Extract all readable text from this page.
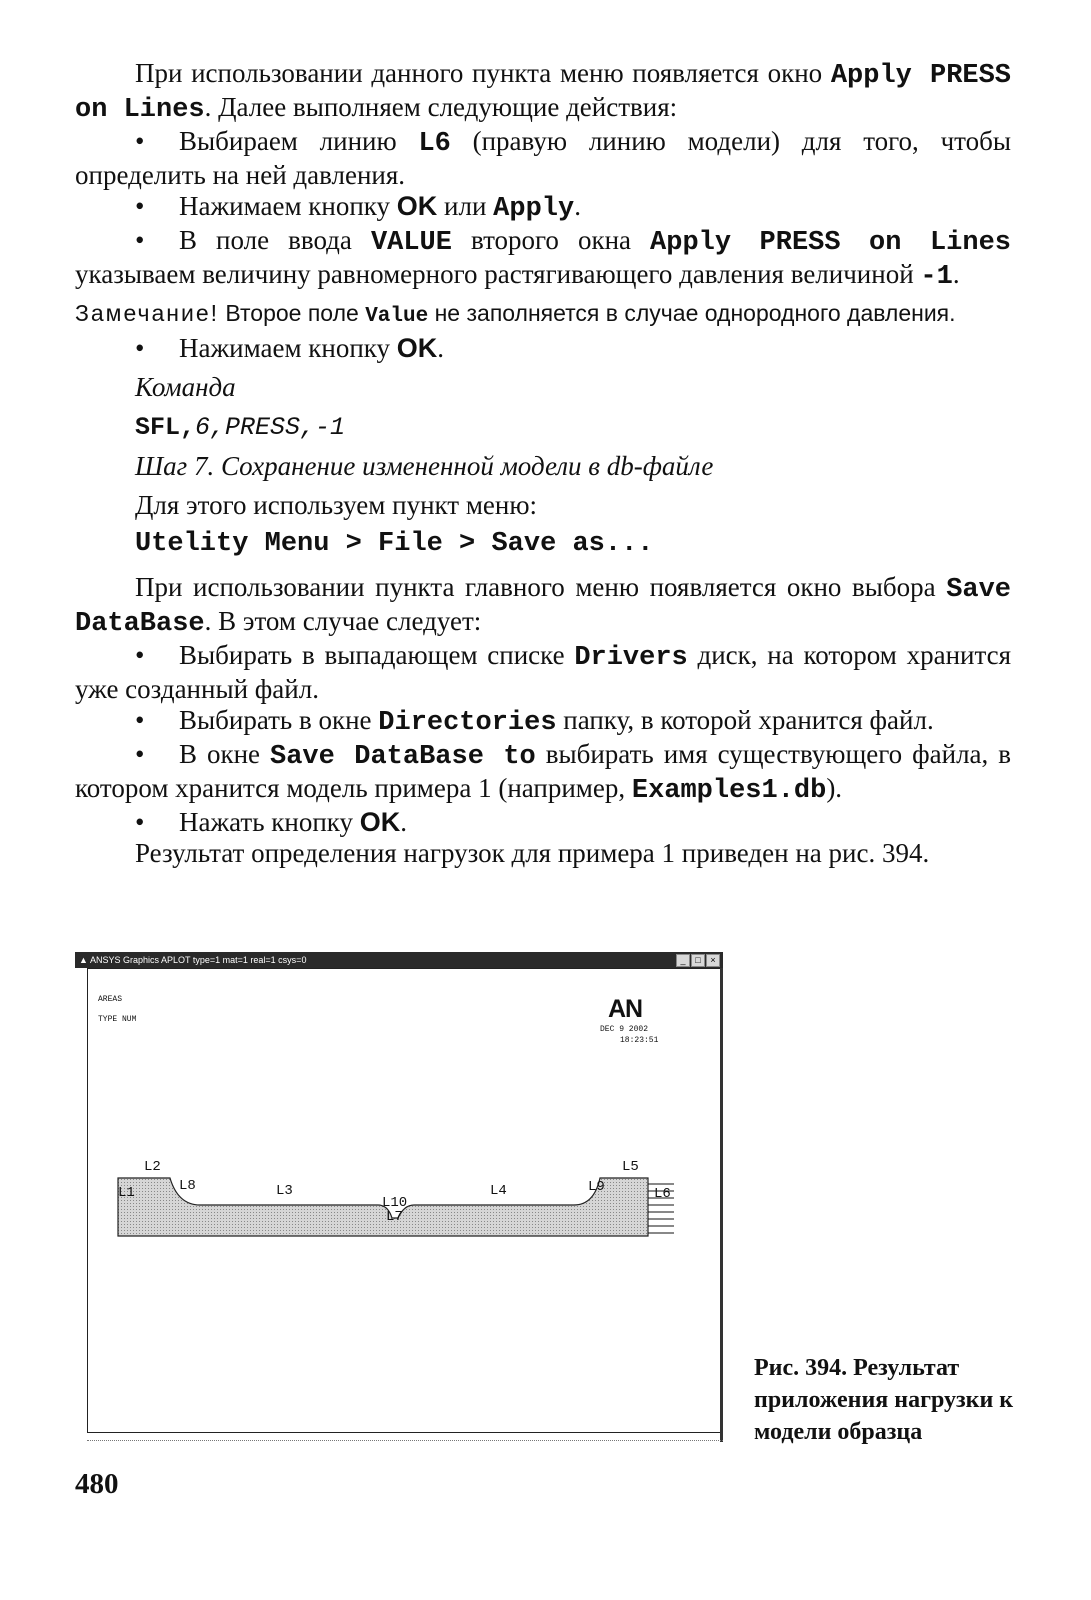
При использовании данного пункта меню появляется окно Apply PRESS on Lines. Далее выполняем следующие действия:

• Выбираем линию L6 (правую линию модели) для того, чтобы определить на ней давления.

• Нажимаем кнопку OK или Apply.

• В поле ввода VALUE второго окна Apply PRESS on Lines указываем величину равномерного растягивающего давления величиной -1.

Замечание! Второе поле Value не заполняется в случае однородного давления.

• Нажимаем кнопку OK.

Команда

SFL,6,PRESS,-1

Шаг 7. Сохранение измененной модели в db-файле

Для этого используем пункт меню:

Utelity Menu > File > Save as...

При использовании пункта главного меню появляется окно выбора Save DataBase. В этом случае следует:

• Выбирать в выпадающем списке Drivers диск, на котором хранится уже созданный файл.

• Выбирать в окне Directories папку, в которой хранится файл.

• В окне Save DataBase to выбирать имя существующего файла, в котором хранится модель примера 1 (например, Examples1.db).

• Нажать кнопку OK.

Результат определения нагрузок для примера 1 приведен на рис. 394.

▲ ANSYS Graphics APLOT type=1 mat=1 real=1 csys=0	_	□	×
AREAS
TYPE NUM	AN
DEC 9 2002
18:23:51
L2
L1	L8	L3
L10
L7
L4
L5
L9	L6
Рис. 394. Результат приложения нагрузки к модели образца
480
